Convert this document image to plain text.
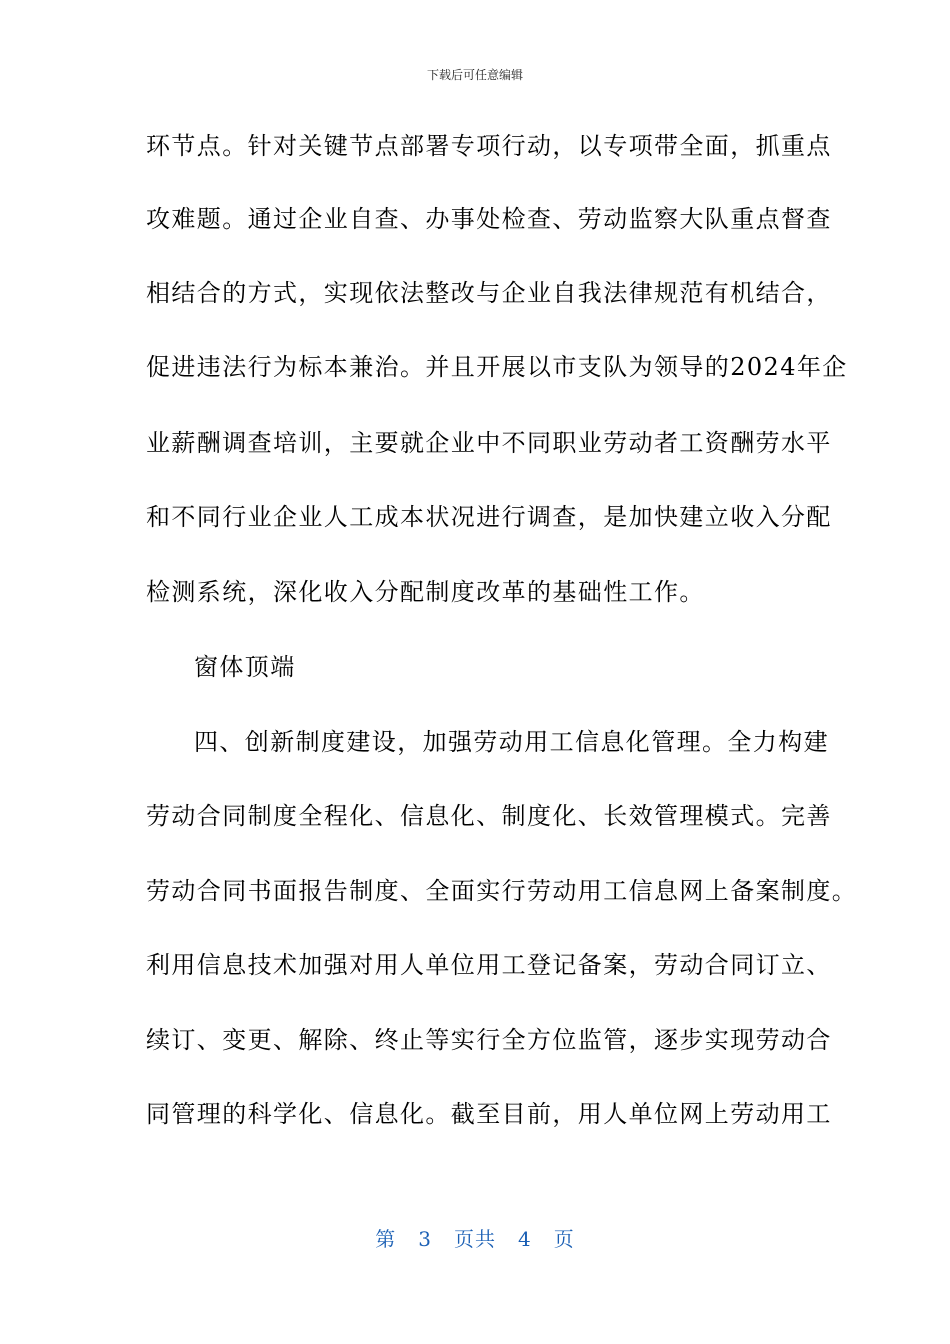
下载后可任意编辑
环节点。针对关键节点部署专项行动，以专项带全面，抓重点
攻难题。通过企业自查、办事处检查、劳动监察大队重点督查
相结合的方式，实现依法整改与企业自我法律规范有机结合，
促进违法行为标本兼治。并且开展以市支队为领导的2024年企
业薪酬调查培训，主要就企业中不同职业劳动者工资酬劳水平
和不同行业企业人工成本状况进行调查，是加快建立收入分配
检测系统，深化收入分配制度改革的基础性工作。
窗体顶端
四、创新制度建设，加强劳动用工信息化管理。全力构建
劳动合同制度全程化、信息化、制度化、长效管理模式。完善
劳动合同书面报告制度、全面实行劳动用工信息网上备案制度。
利用信息技术加强对用人单位用工登记备案，劳动合同订立、
续订、变更、解除、终止等实行全方位监管，逐步实现劳动合
同管理的科学化、信息化。截至目前，用人单位网上劳动用工
第 3 页共 4 页
